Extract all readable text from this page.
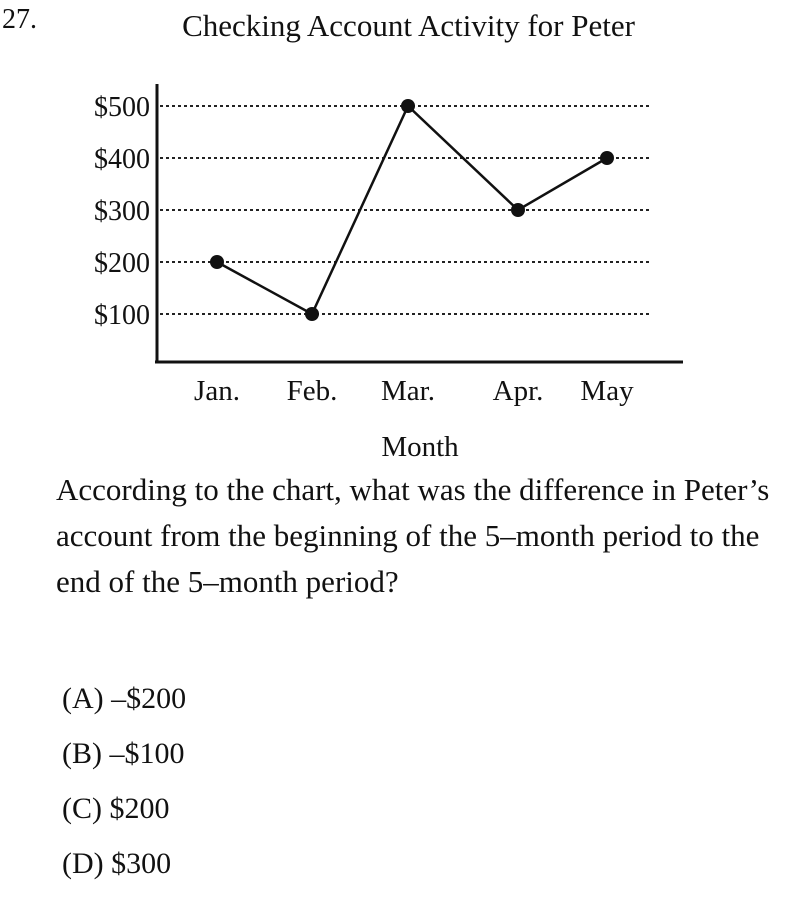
27.	Checking Account Activity for Peter
$100
$200
$300
$400
$500
Jan. Feb. Mar. Apr. May
Month
According to the chart, what was the difference in Peter’s account from the beginning of the 5–month period to the end of the 5–month period?
(A) –$200
(B) –$100
(C) $200
(D) $300
